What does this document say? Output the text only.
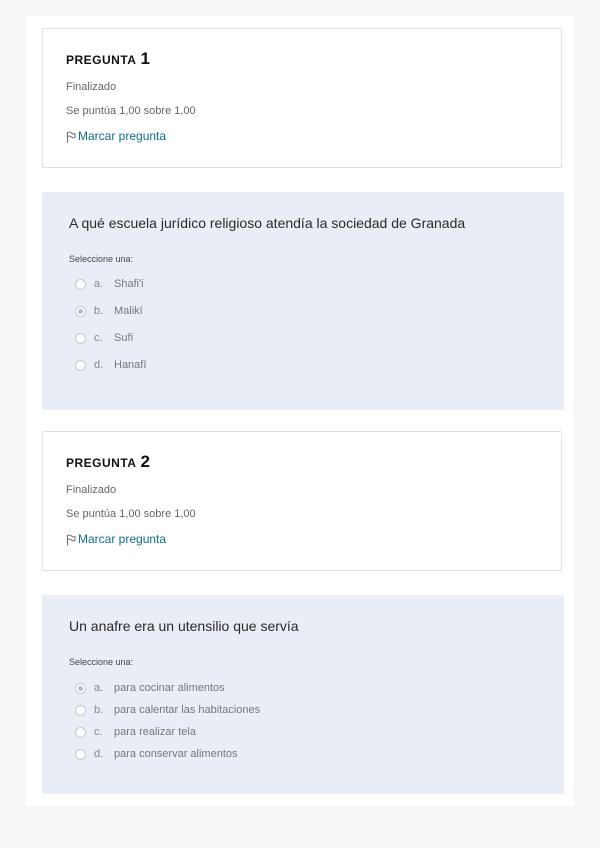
PREGUNTA 1
Finalizado
Se puntúa 1,00 sobre 1,00
Marcar pregunta
A qué escuela jurídico religioso atendía la sociedad de Granada
Seleccione una:
a. Shafi'i
b. Malikí
c.	Sufí
d. Hanafí
PREGUNTA 2
Finalizado
Se puntúa 1,00 sobre 1,00
Marcar pregunta
Un anafre era un utensilio que servía
Seleccione una:
a. para cocinar alimentos
b. para calentar las habitaciones
c.	para realizar tela
d. para conservar alimentos
